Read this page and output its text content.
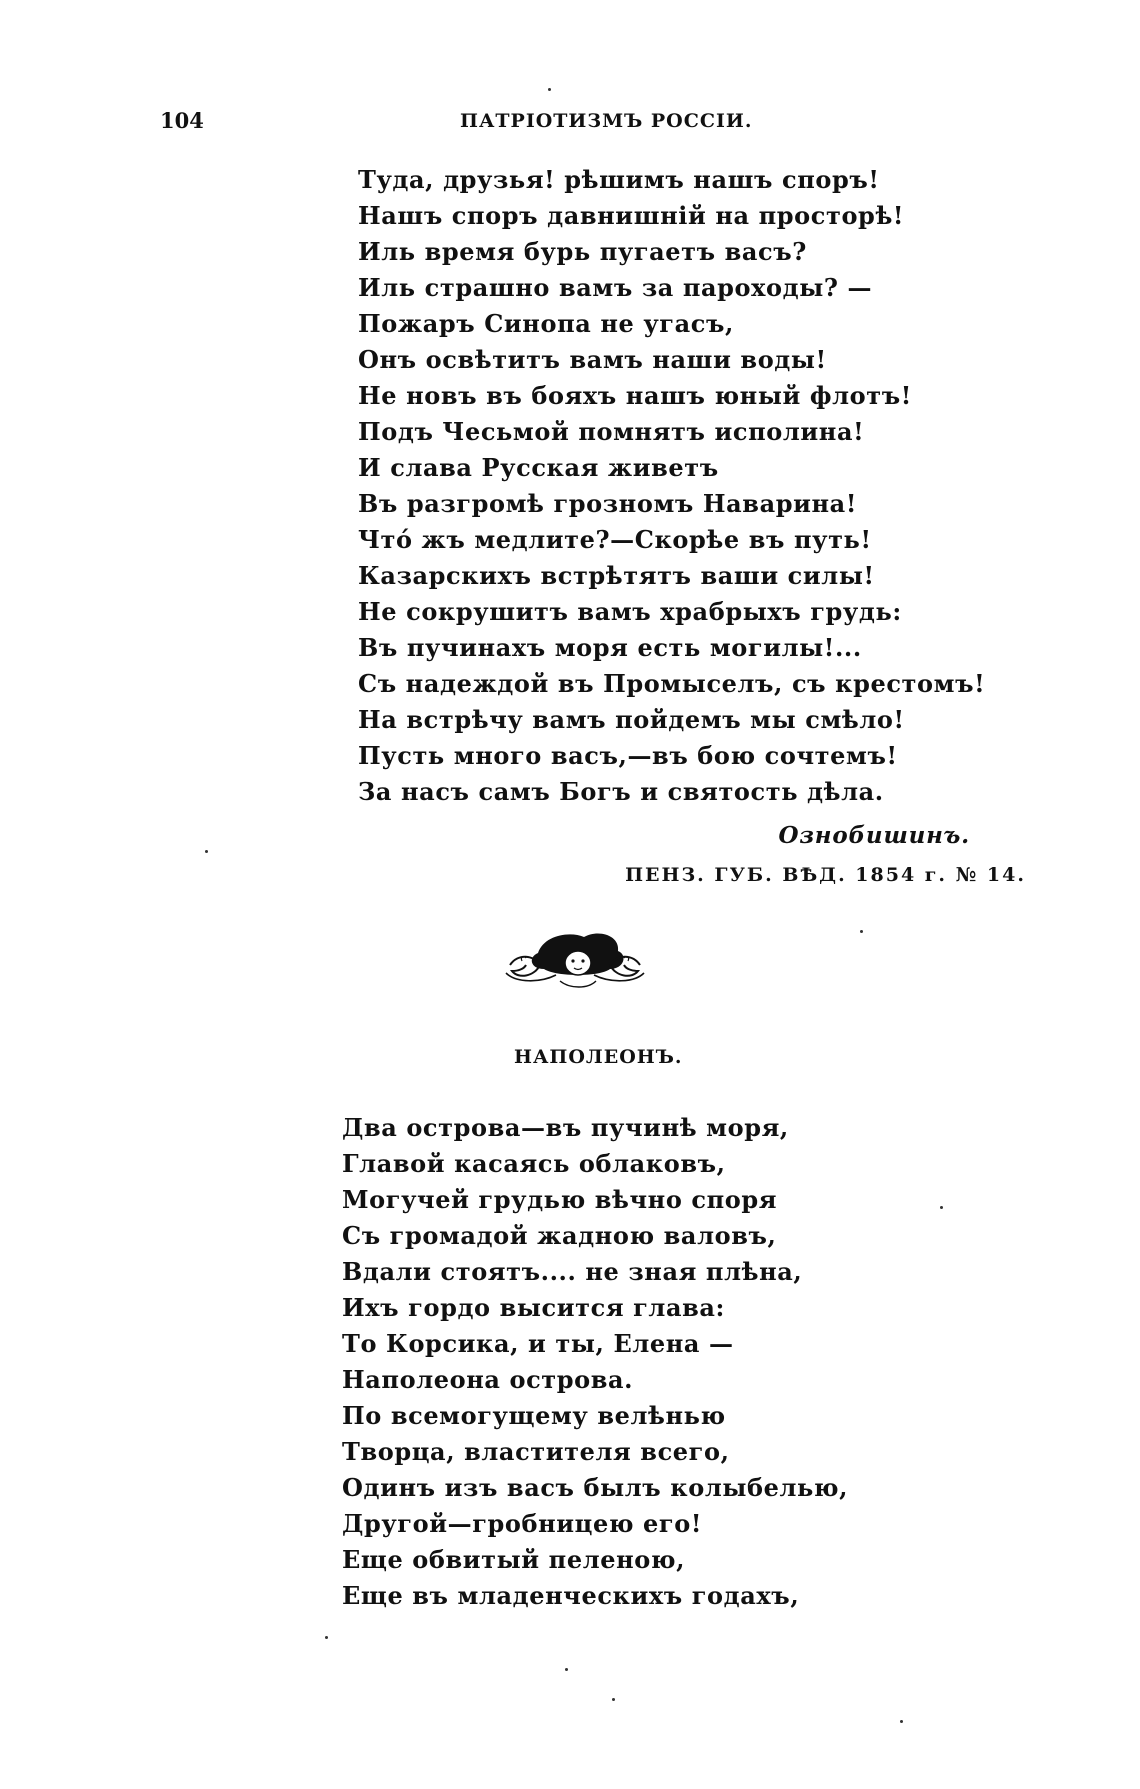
104	ПАТРІОТИЗМЪ РОССІИ.
Туда, друзья! рѣшимъ нашъ споръ!
Нашъ споръ давнишній на просторѣ!
Иль время бурь пугаетъ васъ?
Иль страшно вамъ за пароходы? —
Пожаръ Синопа не угасъ,
Онъ освѣтитъ вамъ наши воды!
Не новъ въ бояхъ нашъ юный флотъ!
Подъ Чесьмой помнятъ исполина!
И слава Русская живетъ
Въ разгромѣ грозномъ Наварина!
Что́ жъ медлите?—Скорѣе въ путь!
Казарскихъ встрѣтятъ ваши силы!
Не сокрушитъ вамъ храбрыхъ грудь:
Въ пучинахъ моря есть могилы!...
Съ надеждой въ Промыселъ, съ крестомъ!
На встрѣчу вамъ пойдемъ мы смѣло!
Пусть много васъ,—въ бою сочтемъ!
За насъ самъ Богъ и святость дѣла.
Ознобишинъ.
ПЕНЗ. ГУБ. ВѢД. 1854 г. № 14.
НАПОЛЕОНЪ.
Два острова—въ пучинѣ моря,
Главой касаясь облаковъ,
Могучей грудью вѣчно споря
Съ громадой жадною валовъ,
Вдали стоятъ.... не зная плѣна,
Ихъ гордо высится глава:
То Корсика, и ты, Елена —
Наполеона острова.
По всемогущему велѣнью
Творца, властителя всего,
Одинъ изъ васъ былъ колыбелью,
Другой—гробницею его!
Еще обвитый пеленою,
Еще въ младенческихъ годахъ,
